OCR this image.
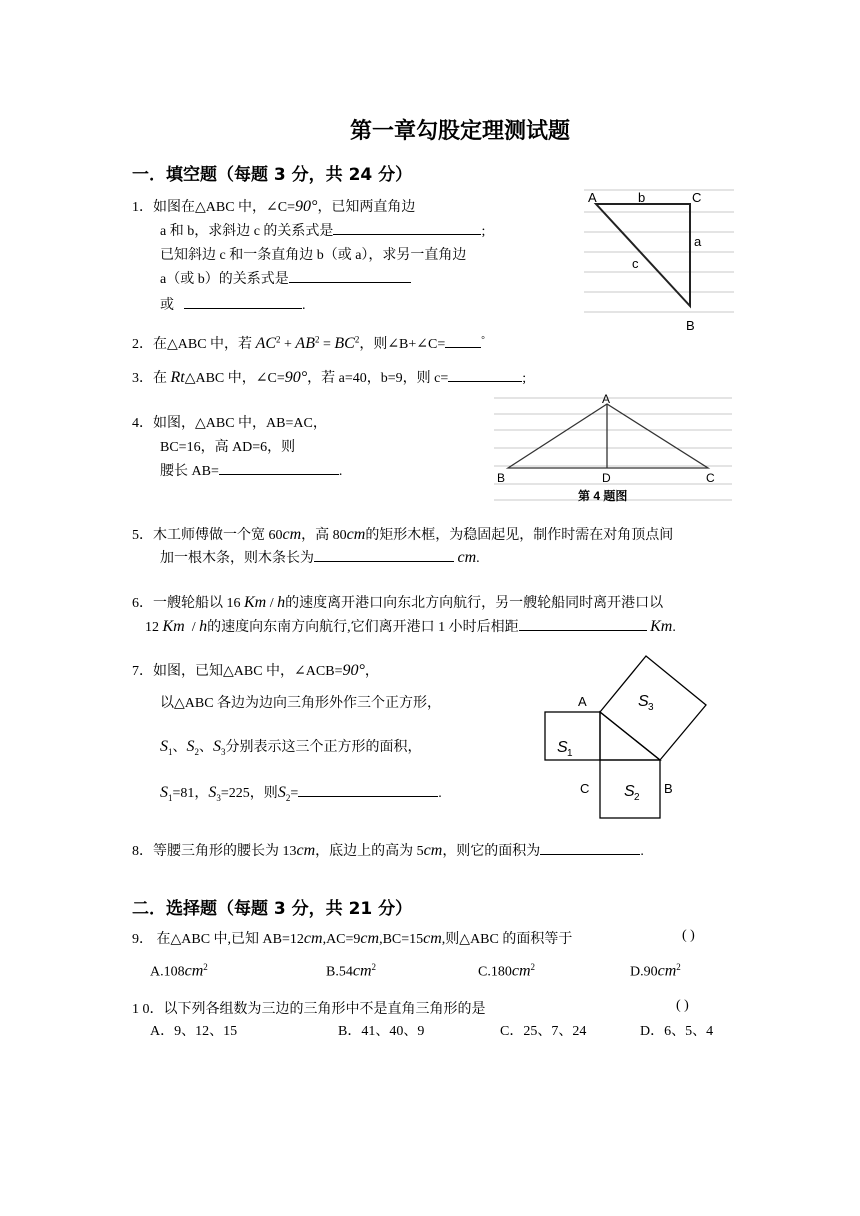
第一章勾股定理测试题
一．填空题（每题 3 分，共 24 分）
1．如图在△ABC 中，∠C=90°，已知两直角边
a 和 b，求斜边 c 的关系式是	;
已知斜边 c 和一条直角边 b（或 a），求另一直角边
a（或 b）的关系式是
或	.
A	b	C
a
c
B
2．在△ABC 中，若 $AC^2 + AB^2 = BC^2$，则∠B+∠C=	°
3．在 Rt△ABC 中，∠C=90°，若 a=40，b=9，则 c=	;
4．如图，△ABC 中，AB=AC，
BC=16，高 AD=6，则
腰长 AB=	.
A
B	D	C
第 4 题图
5．木工师傅做一个宽 60cm，高 80cm的矩形木框，为稳固起见，制作时需在对角顶点间
加一根木条，则木条长为	cm.
6．一艘轮船以 16 Km / h的速度离开港口向东北方向航行，另一艘轮船同时离开港口以
12 Km / h的速度向东南方向航行,它们离开港口 1 小时后相距	Km.
7．如图，已知△ABC 中，∠ACB=90°，
以△ABC 各边为边向三角形外作三个正方形，
$S_1$、$S_2$、$S_3$分别表示这三个正方形的面积，
$S_1=81$，$S_3=225$，则$S_2=$	.
A
C	B
S 1
S 2
S 3
8．等腰三角形的腰长为 13cm，底边上的高为 5cm，则它的面积为	.
二．选择题（每题 3 分，共 21 分）
9． 在△ABC 中,已知 AB=12cm,AC=9cm,BC=15cm,则△ABC 的面积等于	( )
$A.108cm^2$	$B.54cm^2$	$C.180cm^2$	$D.90cm^2$
1 0．以下列各组数为三边的三角形中不是直角三角形的是	( )
A．9、12、15	B．41、40、9	C．25、7、24	D．6、5、4
